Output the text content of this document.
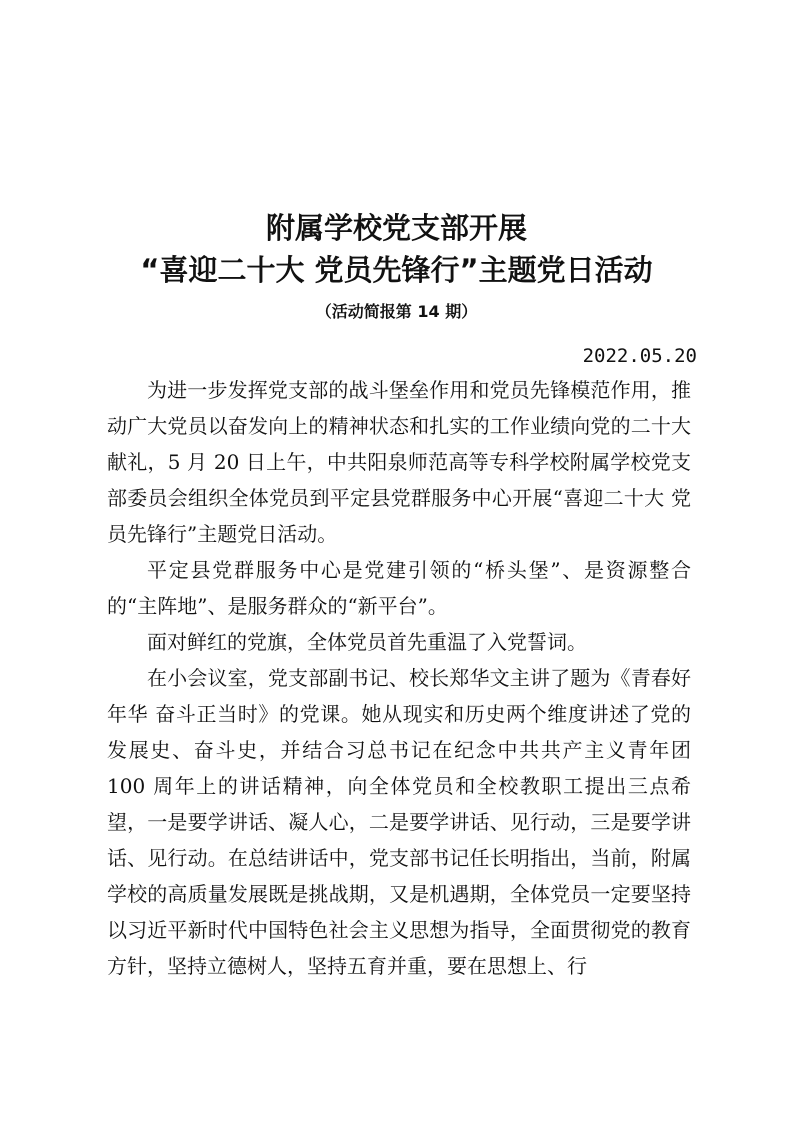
附属学校党支部开展
“喜迎二十大 党员先锋行”主题党日活动
（活动简报第 14 期）
2022.05.20

为进一步发挥党支部的战斗堡垒作用和党员先锋模范作用，推动广大党员以奋发向上的精神状态和扎实的工作业绩向党的二十大献礼，5 月 20 日上午，中共阳泉师范高等专科学校附属学校党支部委员会组织全体党员到平定县党群服务中心开展“喜迎二十大 党员先锋行”主题党日活动。

平定县党群服务中心是党建引领的“桥头堡”、是资源整合的“主阵地”、是服务群众的“新平台”。

面对鲜红的党旗，全体党员首先重温了入党誓词。

在小会议室，党支部副书记、校长郑华文主讲了题为《青春好年华 奋斗正当时》的党课。她从现实和历史两个维度讲述了党的发展史、奋斗史，并结合习总书记在纪念中共共产主义青年团 100 周年上的讲话精神，向全体党员和全校教职工提出三点希望，一是要学讲话、凝人心，二是要学讲话、见行动，三是要学讲话、见行动。在总结讲话中，党支部书记任长明指出，当前，附属学校的高质量发展既是挑战期，又是机遇期，全体党员一定要坚持以习近平新时代中国特色社会主义思想为指导，全面贯彻党的教育方针，坚持立德树人，坚持五育并重，要在思想上、行
